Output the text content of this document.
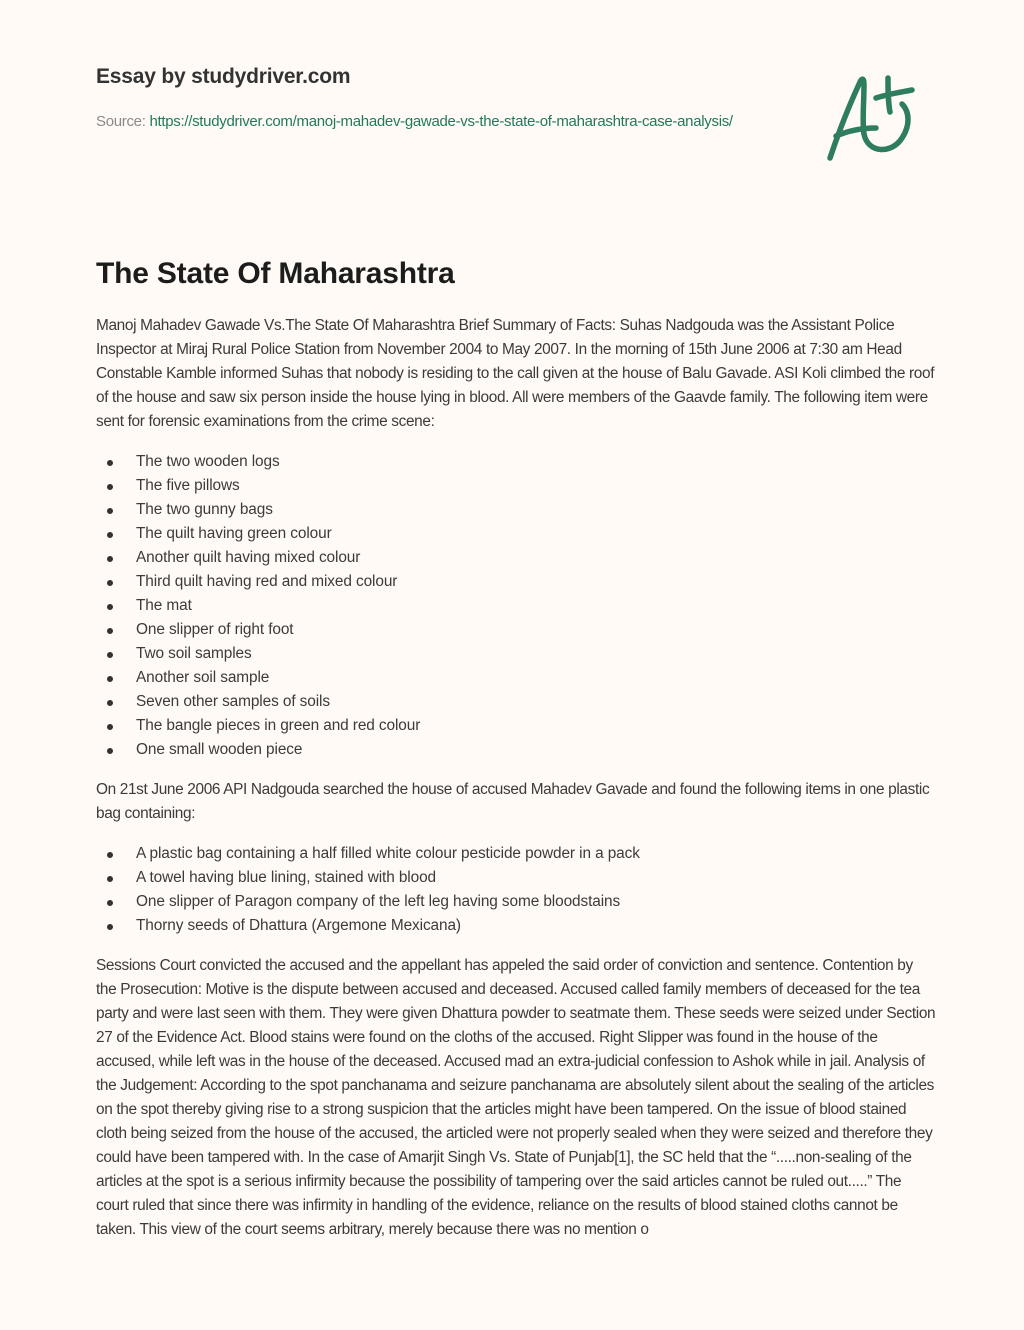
Essay by studydriver.com
Source: https://studydriver.com/manoj-mahadev-gawade-vs-the-state-of-maharashtra-case-analysis/
The State Of Maharashtra

Manoj Mahadev Gawade Vs.The State Of Maharashtra Brief Summary of Facts: Suhas Nadgouda was the Assistant Police Inspector at Miraj Rural Police Station from November 2004 to May 2007. In the morning of 15th June 2006 at 7:30 am Head Constable Kamble informed Suhas that nobody is residing to the call given at the house of Balu Gavade. ASI Koli climbed the roof of the house and saw six person inside the house lying in blood. All were members of the Gaavde family. The following item were sent for forensic examinations from the crime scene:

The two wooden logs
The five pillows
The two gunny bags
The quilt having green colour
Another quilt having mixed colour
Third quilt having red and mixed colour
The mat
One slipper of right foot
Two soil samples
Another soil sample
Seven other samples of soils
The bangle pieces in green and red colour
One small wooden piece

On 21st June 2006 API Nadgouda searched the house of accused Mahadev Gavade and found the following items in one plastic bag containing:

A plastic bag containing a half filled white colour pesticide powder in a pack
A towel having blue lining, stained with blood
One slipper of Paragon company of the left leg having some bloodstains
Thorny seeds of Dhattura (Argemone Mexicana)

Sessions Court convicted the accused and the appellant has appeled the said order of conviction and sentence. Contention by the Prosecution: Motive is the dispute between accused and deceased. Accused called family members of deceased for the tea party and were last seen with them. They were given Dhattura powder to seatmate them. These seeds were seized under Section 27 of the Evidence Act. Blood stains were found on the cloths of the accused. Right Slipper was found in the house of the accused, while left was in the house of the deceased. Accused mad an extra-judicial confession to Ashok while in jail. Analysis of the Judgement: According to the spot panchanama and seizure panchanama are absolutely silent about the sealing of the articles on the spot thereby giving rise to a strong suspicion that the articles might have been tampered. On the issue of blood stained cloth being seized from the house of the accused, the articled were not properly sealed when they were seized and therefore they could have been tampered with. In the case of Amarjit Singh Vs. State of Punjab[1], the SC held that the “.....non-sealing of the articles at the spot is a serious infirmity because the possibility of tampering over the said articles cannot be ruled out.....” The court ruled that since there was infirmity in handling of the evidence, reliance on the results of blood stained cloths cannot be taken. This view of the court seems arbitrary, merely because there was no mention o
